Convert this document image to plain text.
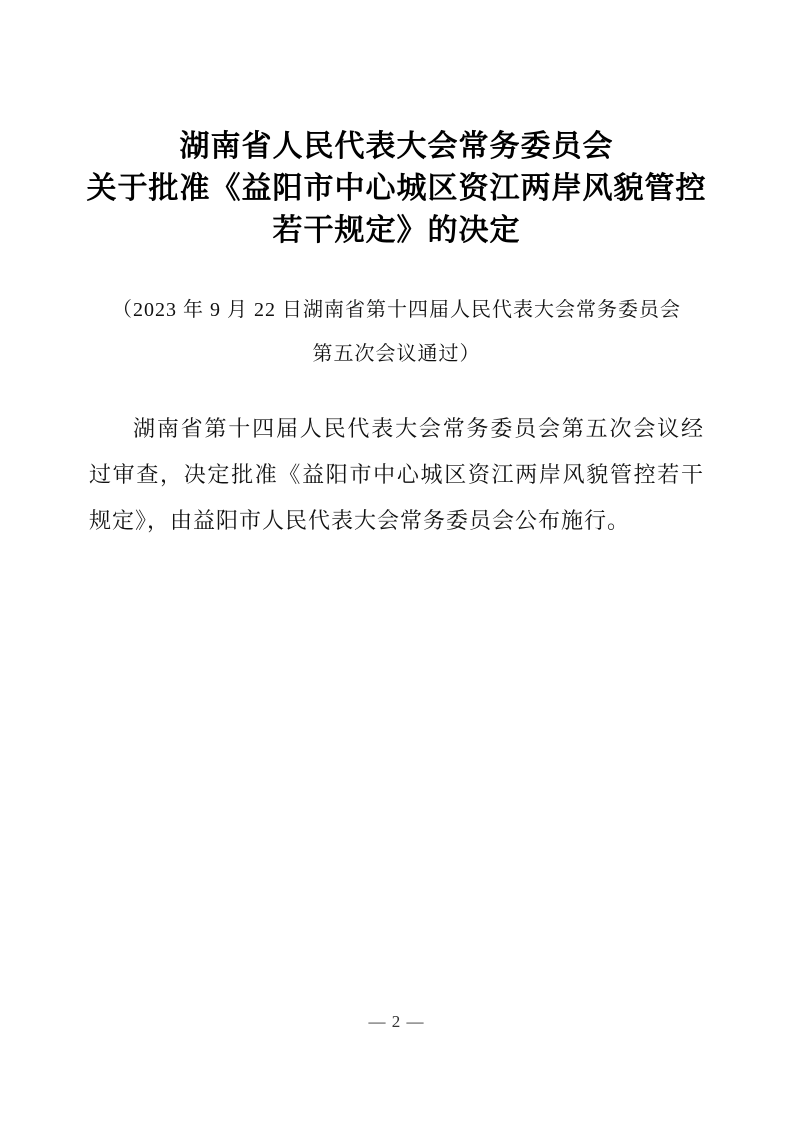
湖南省人民代表大会常务委员会
关于批准《益阳市中心城区资江两岸风貌管控
若干规定》的决定
（2023 年 9 月 22 日湖南省第十四届人民代表大会常务委员会
第五次会议通过）

湖南省第十四届人民代表大会常务委员会第五次会议经过审查，决定批准《益阳市中心城区资江两岸风貌管控若干规定》，由益阳市人民代表大会常务委员会公布施行。

— 2 —
